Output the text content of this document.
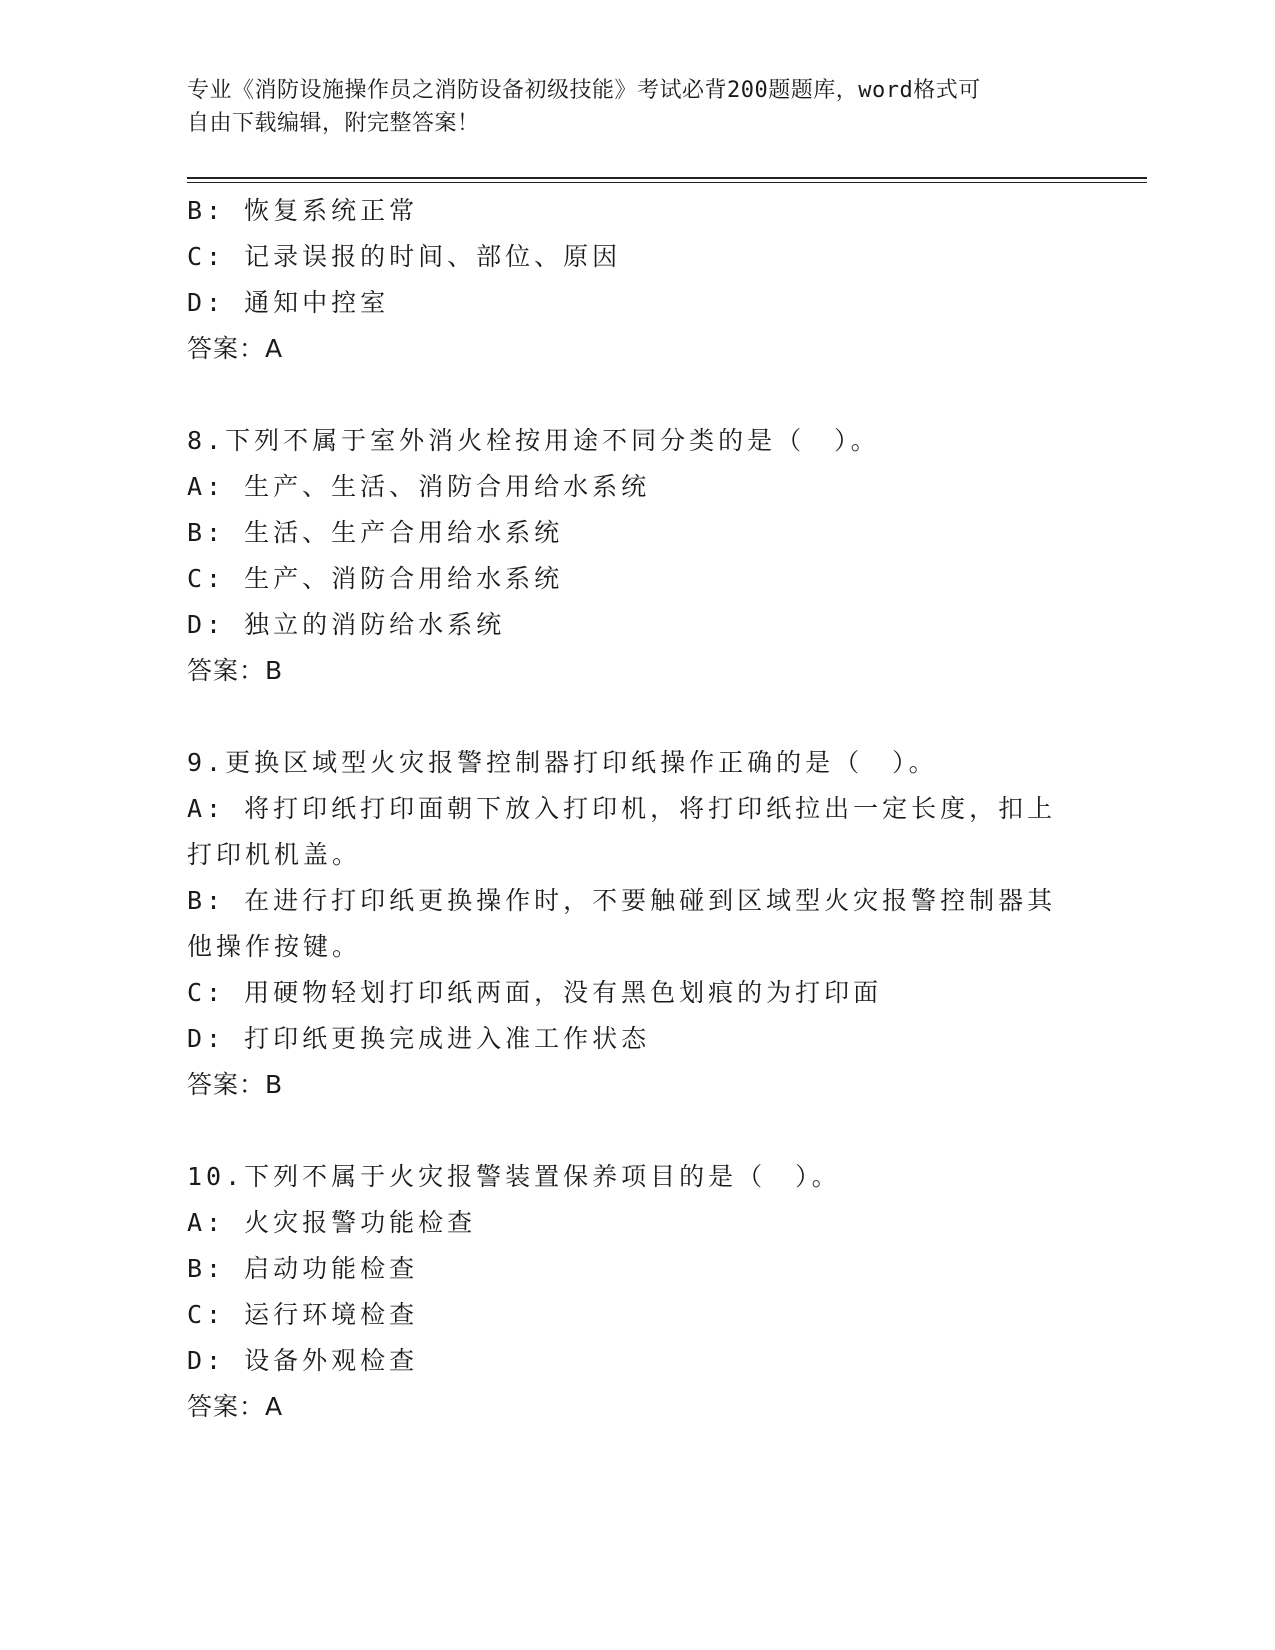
专业《消防设施操作员之消防设备初级技能》考试必背200题题库，word格式可
自由下载编辑，附完整答案！
B: 恢复系统正常
C: 记录误报的时间、部位、原因
D: 通知中控室
答案：A
8.下列不属于室外消火栓按用途不同分类的是（　）。
A: 生产、生活、消防合用给水系统
B: 生活、生产合用给水系统
C: 生产、消防合用给水系统
D: 独立的消防给水系统
答案：B
9.更换区域型火灾报警控制器打印纸操作正确的是（　）。
A: 将打印纸打印面朝下放入打印机，将打印纸拉出一定长度，扣上打印机机盖。
B: 在进行打印纸更换操作时，不要触碰到区域型火灾报警控制器其他操作按键。
C: 用硬物轻划打印纸两面，没有黑色划痕的为打印面
D: 打印纸更换完成进入准工作状态
答案：B
10.下列不属于火灾报警装置保养项目的是（　）。
A: 火灾报警功能检查
B: 启动功能检查
C: 运行环境检查
D: 设备外观检查
答案：A
